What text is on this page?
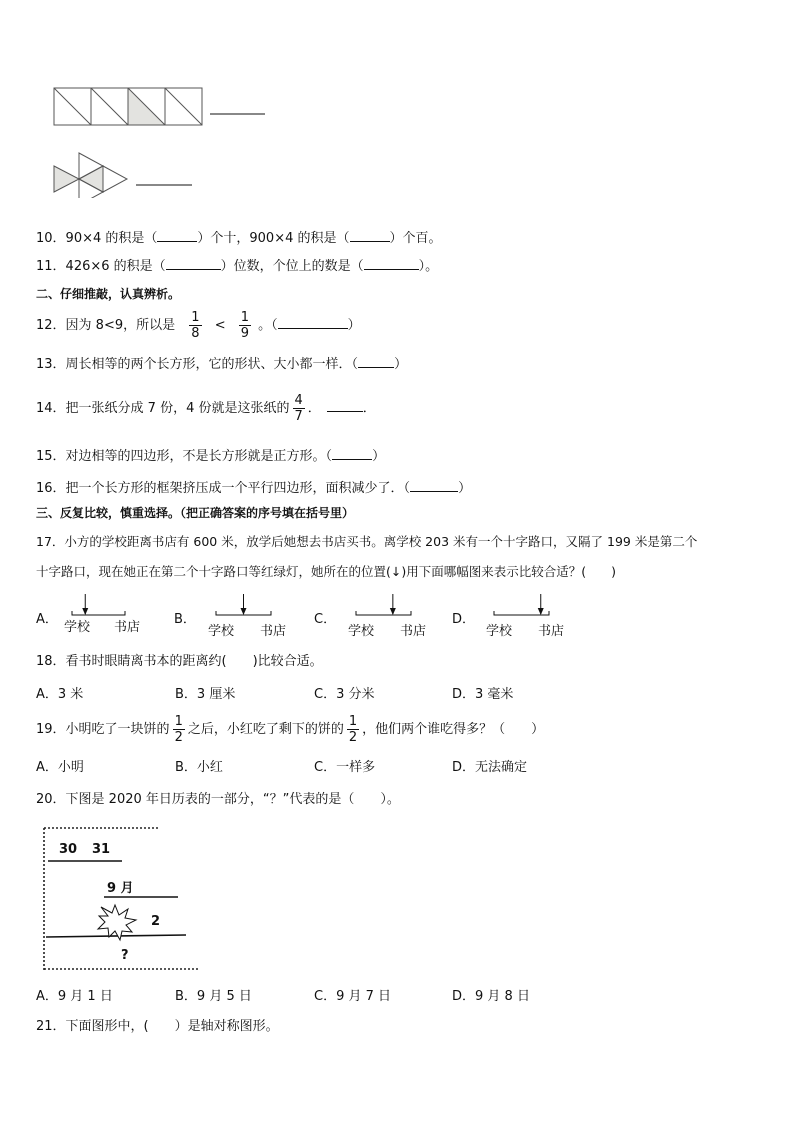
10．90×4 的积是（	）个十，900×4 的积是（	）个百。
11．426×6 的积是（	）位数，个位上的数是（	）。
二、仔细推敲，认真辨析。
12．因为 8<9，所以是 $\frac{1}{8} < \frac{1}{9}$ 。（	）
13．周长相等的两个长方形，它的形状、大小都一样．（	）
14．把一张纸分成 7 份，4 份就是这张纸的 $\frac{4}{7}$ ．	．
15．对边相等的四边形，不是长方形就是正方形。（	）
16．把一个长方形的框架挤压成一个平行四边形，面积减少了．（	）
三、反复比较，慎重选择。（把正确答案的序号填在括号里）
17．小方的学校距离书店有 600 米，放学后她想去书店买书。离学校 203 米有一个十字路口，又隔了 199 米是第二个
十字路口，现在她正在第二个十字路口等红绿灯，她所在的位置(↓)用下面哪幅图来表示比较合适？(　　)
A．
学校 书店
B．
学校 书店
C．
学校 书店
D．
学校 书店
18．看书时眼睛离书本的距离约(　　)比较合适。
A．3 米	B．3 厘米	C．3 分米	D．3 毫米
19．小明吃了一块饼的 $\frac{1}{2}$ 之后，小红吃了剩下的饼的 $\frac{1}{2}$ ，他们两个谁吃得多？（　　）
A．小明	B．小红	C．一样多	D．无法确定
20．下图是 2020 年日历表的一部分，“？”代表的是（　　）。
30 31
9 月
2
?
A．9 月 1 日	B．9 月 5 日	C．9 月 7 日	D．9 月 8 日
21．下面图形中，(　　）是轴对称图形。
